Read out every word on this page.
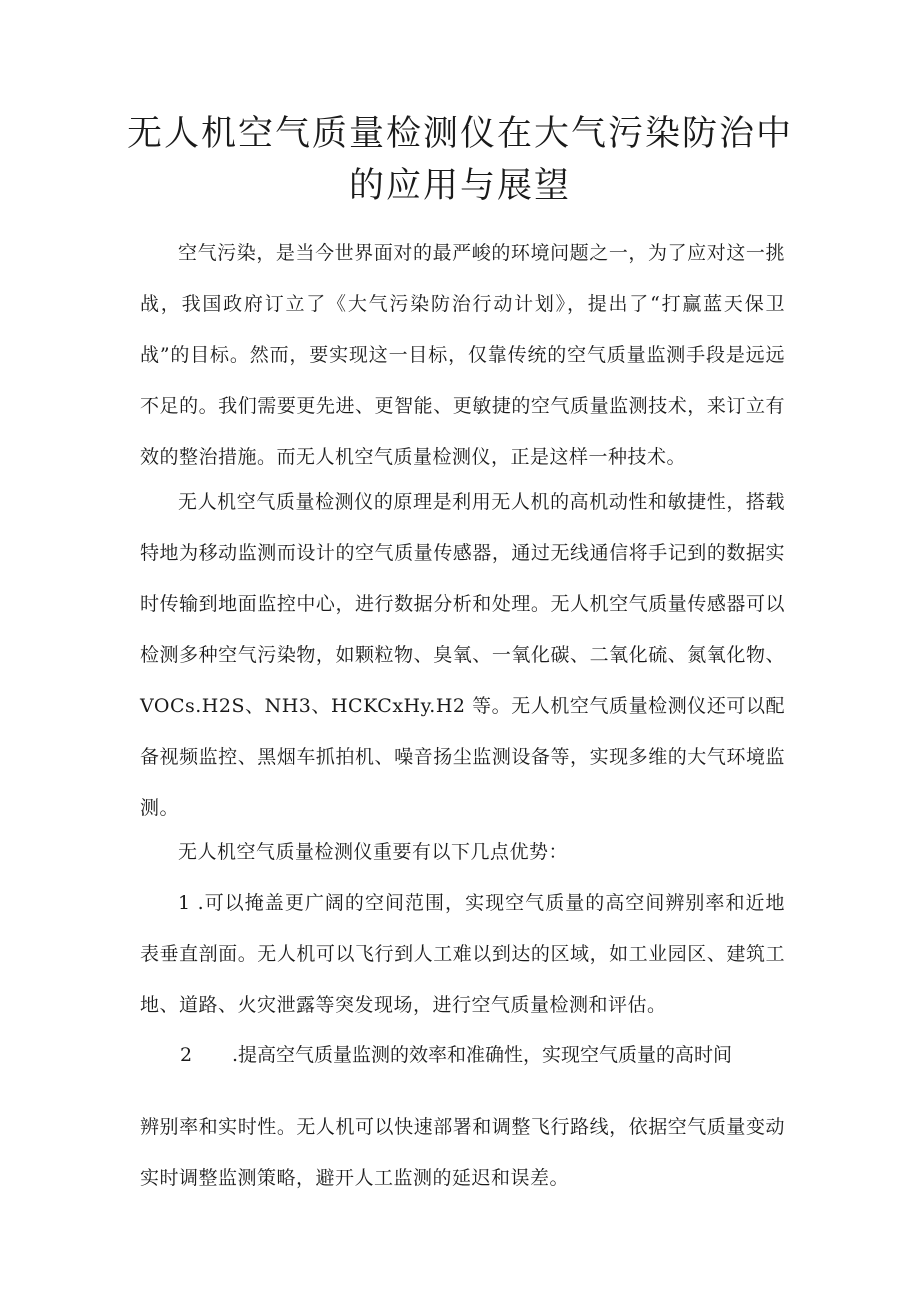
无人机空气质量检测仪在大气污染防治中
的应用与展望

空气污染，是当今世界面对的最严峻的环境问题之一，为了应对这一挑战，我国政府订立了《大气污染防治行动计划》，提出了“打赢蓝天保卫战”的目标。然而，要实现这一目标，仅靠传统的空气质量监测手段是远远不足的。我们需要更先进、更智能、更敏捷的空气质量监测技术，来订立有效的整治措施。而无人机空气质量检测仪，正是这样一种技术。

无人机空气质量检测仪的原理是利用无人机的高机动性和敏捷性，搭载特地为移动监测而设计的空气质量传感器，通过无线通信将手记到的数据实时传输到地面监控中心，进行数据分析和处理。无人机空气质量传感器可以检测多种空气污染物，如颗粒物、臭氧、一氧化碳、二氧化硫、氮氧化物、VOCs.H2S、NH3、HCKCxHy.H2 等。无人机空气质量检测仪还可以配备视频监控、黑烟车抓拍机、噪音扬尘监测设备等，实现多维的大气环境监测。

无人机空气质量检测仪重要有以下几点优势：

1 .可以掩盖更广阔的空间范围，实现空气质量的高空间辨别率和近地表垂直剖面。无人机可以飞行到人工难以到达的区域，如工业园区、建筑工地、道路、火灾泄露等突发现场，进行空气质量检测和评估。

2 .提高空气质量监测的效率和准确性，实现空气质量的高时间

辨别率和实时性。无人机可以快速部署和调整飞行路线，依据空气质量变动实时调整监测策略，避开人工监测的延迟和误差。
